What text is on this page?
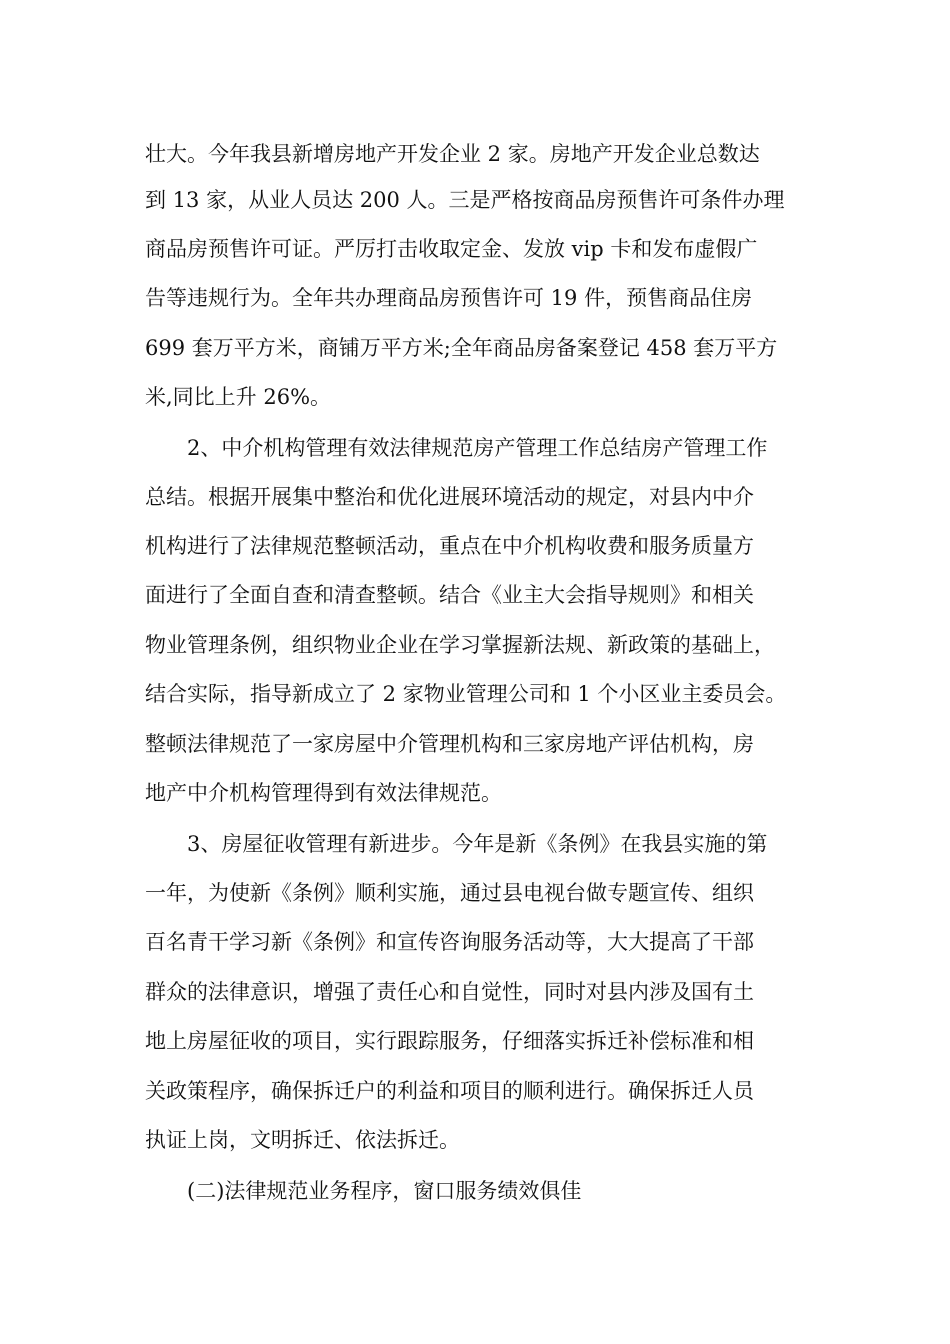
壮大。今年我县新增房地产开发企业 2 家。房地产开发企业总数达

到 13 家，从业人员达 200 人。三是严格按商品房预售许可条件办理

商品房预售许可证。严厉打击收取定金、发放 vip 卡和发布虚假广

告等违规行为。全年共办理商品房预售许可 19 件，预售商品住房

699 套万平方米，商铺万平方米;全年商品房备案登记 458 套万平方

米,同比上升 26%。

2、中介机构管理有效法律规范房产管理工作总结房产管理工作

总结。根据开展集中整治和优化进展环境活动的规定，对县内中介

机构进行了法律规范整顿活动，重点在中介机构收费和服务质量方

面进行了全面自查和清查整顿。结合《业主大会指导规则》和相关

物业管理条例，组织物业企业在学习掌握新法规、新政策的基础上，

结合实际，指导新成立了 2 家物业管理公司和 1 个小区业主委员会。

整顿法律规范了一家房屋中介管理机构和三家房地产评估机构，房

地产中介机构管理得到有效法律规范。

3、房屋征收管理有新进步。今年是新《条例》在我县实施的第

一年，为使新《条例》顺利实施，通过县电视台做专题宣传、组织

百名青干学习新《条例》和宣传咨询服务活动等，大大提高了干部

群众的法律意识，增强了责任心和自觉性，同时对县内涉及国有土

地上房屋征收的项目，实行跟踪服务，仔细落实拆迁补偿标准和相

关政策程序，确保拆迁户的利益和项目的顺利进行。确保拆迁人员

执证上岗，文明拆迁、依法拆迁。

(二)法律规范业务程序，窗口服务绩效俱佳
